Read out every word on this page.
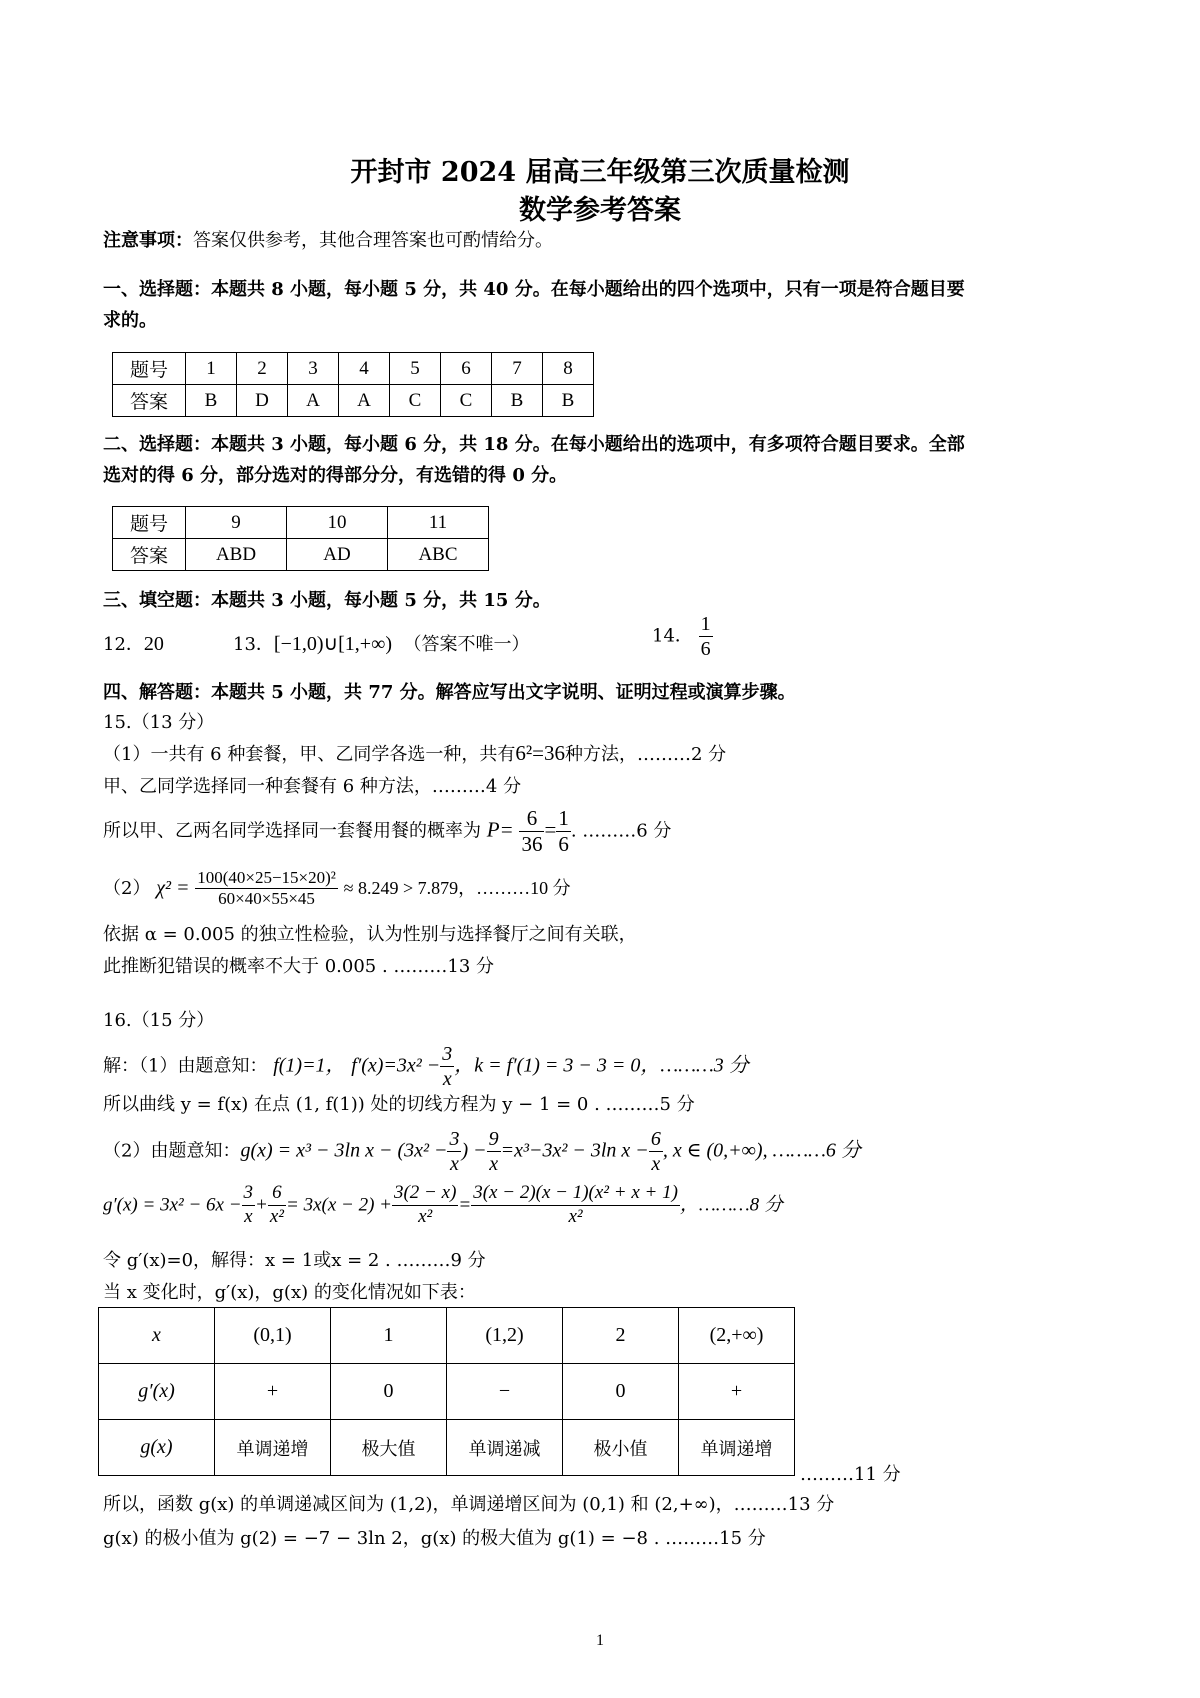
开封市 2024 届高三年级第三次质量检测
数学参考答案
注意事项：答案仅供参考，其他合理答案也可酌情给分。
一、选择题：本题共 8 小题，每小题 5 分，共 40 分。在每小题给出的四个选项中，只有一项是符合题目要
求的。
题号	1	2	3	4	5	6	7	8
答案	B	D	A	A	C	C	B	B
二、选择题：本题共 3 小题，每小题 6 分，共 18 分。在每小题给出的选项中，有多项符合题目要求。全部
选对的得 6 分，部分选对的得部分分，有选错的得 0 分。
题号	9	10	11
答案	ABD	AD	ABC
三、填空题：本题共 3 小题，每小题 5 分，共 15 分。
12．20	13．[−1,0)∪[1,+∞) （答案不唯一）	14． $\frac{1}{6}$
四、解答题：本题共 5 小题，共 77 分。解答应写出文字说明、证明过程或演算步骤。
15.（13 分）
（1）一共有 6 种套餐，甲、乙同学各选一种，共有6²=36种方法，………2 分
甲、乙同学选择同一种套餐有 6 种方法，………4 分
所以甲、乙两名同学选择同一套餐用餐的概率为 $P= \frac{6}{36} = \frac{1}{6}$ . ………6 分
（2） $\chi^2 = \frac{\text{100(40×25−15×20)²}}{60\times 40\times 55\times 45} \approx 8.249 > 7.879$，………10 分
依据 α = 0.005 的独立性检验，认为性别与选择餐厅之间有关联，
此推断犯错误的概率不大于 0.005 . ………13 分
16.（15 分）
解：（1）由题意知： f(1)=1， $f'(x)=3x^2 - \frac{3}{x}$ ，k = f′(1) = 3 − 3 = 0，………3 分
所以曲线 y = f(x) 在点 (1, f(1)) 处的切线方程为 y − 1 = 0 . ………5 分
（2）由题意知：g(x) = x³ − 3ln $x - (3x^2 - \frac{3}{x}$ ) − $\frac{9}{x} =x^3-3x^2 - 3\ln$ $x - \frac{6}{x}$ , x ∈ (0,+∞), ………6 分
$g'(x) = 3x^2 - 6x - \frac{3}{x} + \frac{6}{\text{x²}} = 3x(x - 2) + \frac{3(2 - x)}{\text{x²}} = \frac{\text{3(x − 2)(x − 1)(x² + x + 1)}}{\text{x²}}$ ，………8 分
令 g′(x)=0，解得：x = 1或x = 2 . ………9 分
当 x 变化时，g′(x)，g(x) 的变化情况如下表：
x	(0,1)	1	(1,2)	2	(2,+∞)
g′(x)	+	0	−	0	+
g(x)	单调递增	极大值	单调递减	极小值	单调递增
………11 分
所以，函数 g(x) 的单调递减区间为 (1,2)，单调递增区间为 (0,1) 和 (2,+∞)，………13 分
g(x) 的极小值为 g(2) = −7 − 3ln 2，g(x) 的极大值为 g(1) = −8 . ………15 分
1
